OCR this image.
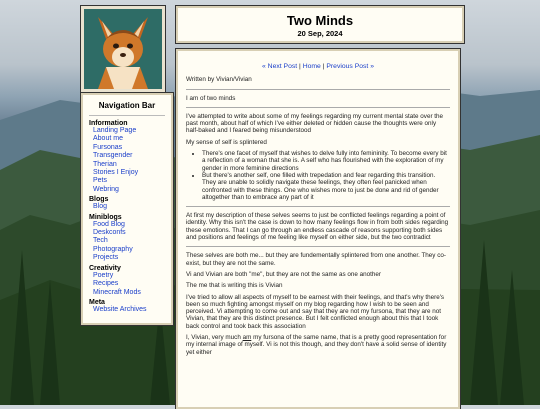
Navigation Bar
Information
Landing Page
About me
Fursonas
Transgender
Therian
Stories I Enjoy
Pets
Webring
Blogs
Blog
Miniblogs
Food Blog
Deskconfs
Tech
Photography
Projects
Creativity
Poetry
Recipes
Minecraft Mods
Meta
Website Archives
Two Minds
20 Sep, 2024
« Next Post | Home | Previous Post »

Written by Vivian/Vivian

I am of two minds

I've attempted to write about some of my feelings regarding my current mental state over the past month, about half of which I've either deleted or hidden cause the thoughts were only half-baked and I feared being misunderstood

My sense of self is splintered

• There's one facet of myself that wishes to delve fully into femininity. To become every bit a reflection of a woman that she is. A self who has flourished with the exploration of my gender in more feminine directions
• But there's another self, one filled with trepedation and fear regarding this transition. They are unable to solidly navigate these feelings, they often feel panicked when confronted with these things. One who wishes more to just be done and rid of gender altogether than to embrace any part of it

At first my description of these selves seems to just be conflicted feelings regarding a point of identity. Why this isn't the case is down to how many feelings flow in from both sides regarding these emotions. That I can go through an endless cascade of reasons supporting both sides and positions and feelings of me feeling like myself on either side, but the two contradict

These selves are both me... but they are fundementally splintered from one another. They co-exist, but they are not the same.

Vi and Vivian are both "me", but they are not the same as one another

The me that is writing this is Vivian

I've tried to allow all aspects of myself to be earnest with their feelings, and that's why there's been so much fighting amongst myself on my blog regarding how I wish to be seen and perceived. Vi attempting to come out and say that they are not my fursona, that they are not Vivian, that they are this distinct presence. But I felt conflicted enough about this that I took back control and took back this association

I, Vivian, very much am my fursona of the same name, that is a pretty good representation for my internal image of myself. Vi is not this though, and they don't have a solid sense of identity yet either
